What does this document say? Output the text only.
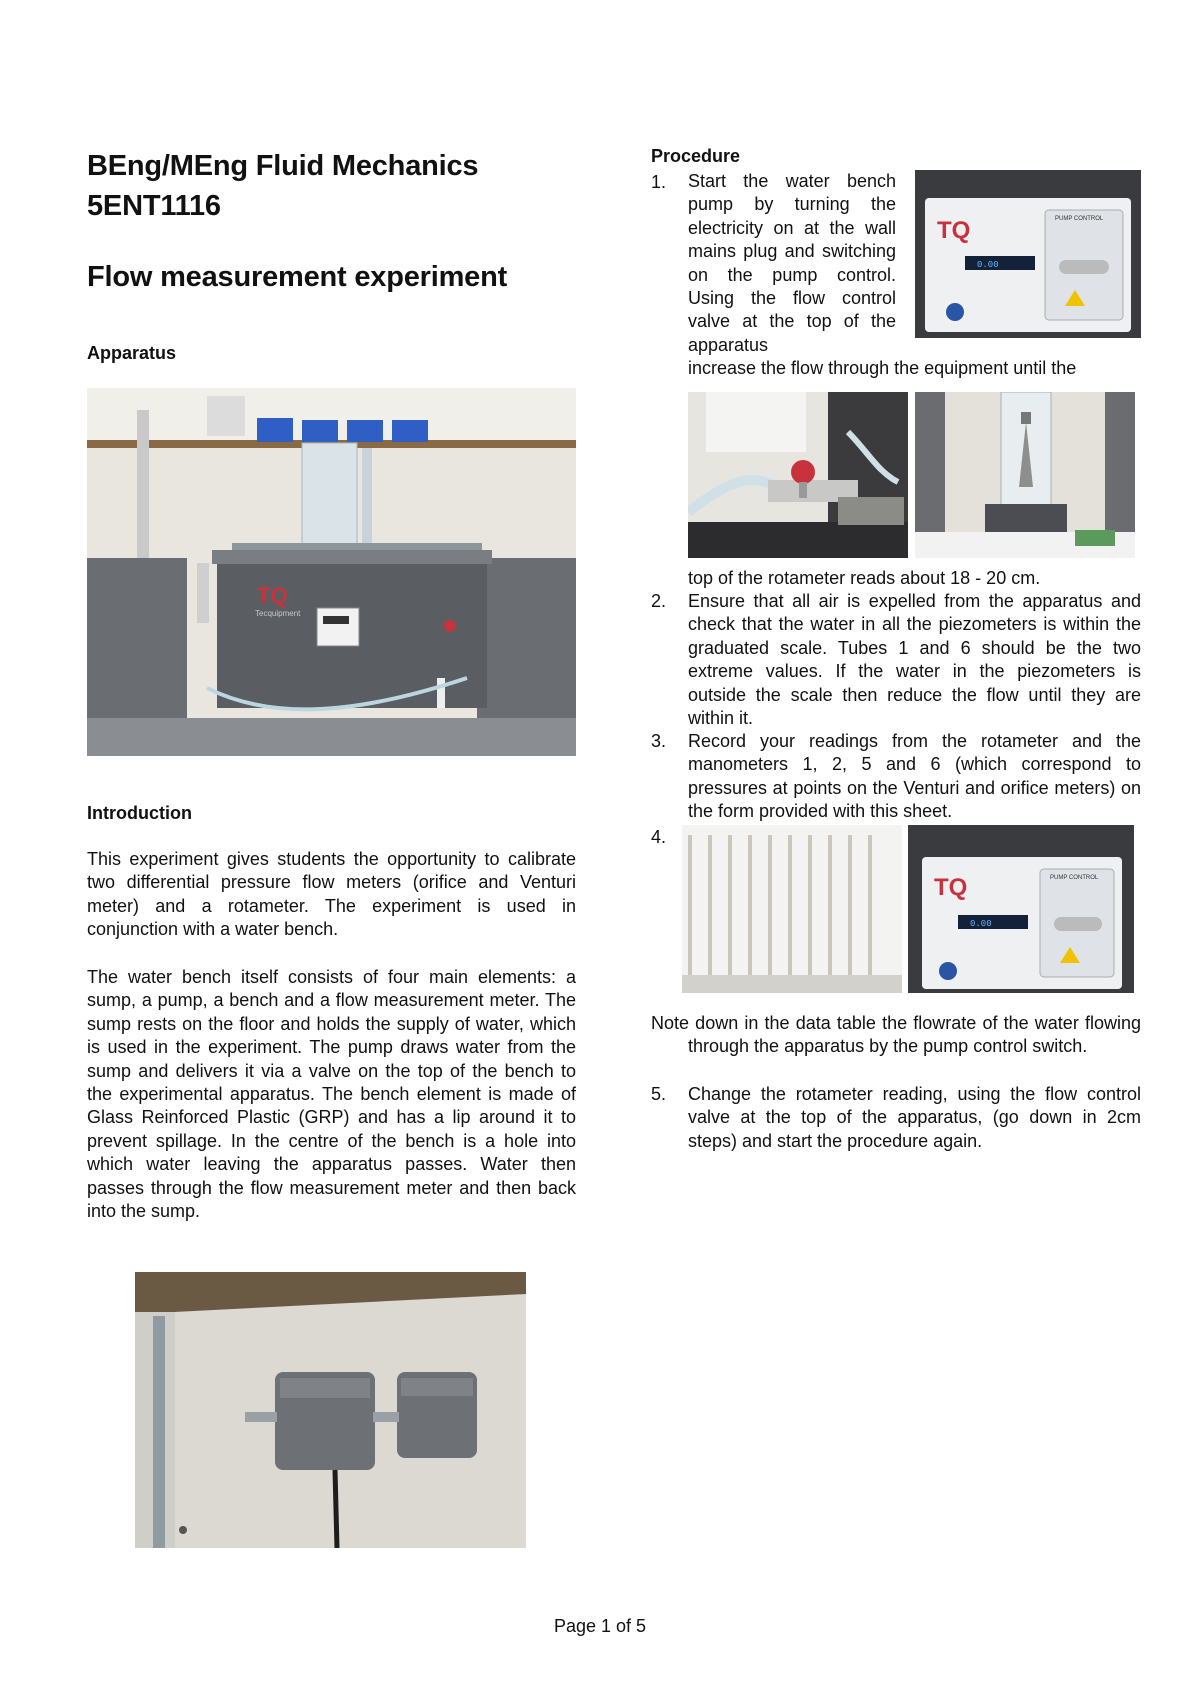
BEng/MEng Fluid Mechanics
5ENT1116
Flow measurement experiment
Apparatus
TQ
Tecquipment
Introduction
This experiment gives students the opportunity to calibrate two differential pressure flow meters (orifice and Venturi meter) and a rotameter. The experiment is used in conjunction with a water bench.
The water bench itself consists of four main elements: a sump, a pump, a bench and a flow measurement meter. The sump rests on the floor and holds the supply of water, which is used in the experiment. The pump draws water from the sump and delivers it via a valve on the top of the bench to the experimental apparatus. The bench element is made of Glass Reinforced Plastic (GRP) and has a lip around it to prevent spillage. In the centre of the bench is a hole into which water leaving the apparatus passes. Water then passes through the flow measurement meter and then back into the sump.
Procedure
1. Start the water bench pump by turning the electricity on at the wall mains plug and switching on the pump control. Using the flow control valve at the top of the apparatus
TQ
0.00
PUMP CONTROL
increase the flow through the equipment until the
top of the rotameter reads about 18 - 20 cm.
2. Ensure that all air is expelled from the apparatus and check that the water in all the piezometers is within the graduated scale. Tubes 1 and 6 should be the two extreme values. If the water in the piezometers is outside the scale then reduce the flow until they are within it.
3. Record your readings from the rotameter and the manometers 1, 2, 5 and 6 (which correspond to pressures at points on the Venturi and orifice meters) on the form provided with this sheet.
4.
TQ
0.00
PUMP CONTROL
Note down in the data table the flowrate of the water flowing through the apparatus by the pump control switch.
5. Change the rotameter reading, using the flow control valve at the top of the apparatus, (go down in 2cm steps) and start the procedure again.
Page 1 of 5
